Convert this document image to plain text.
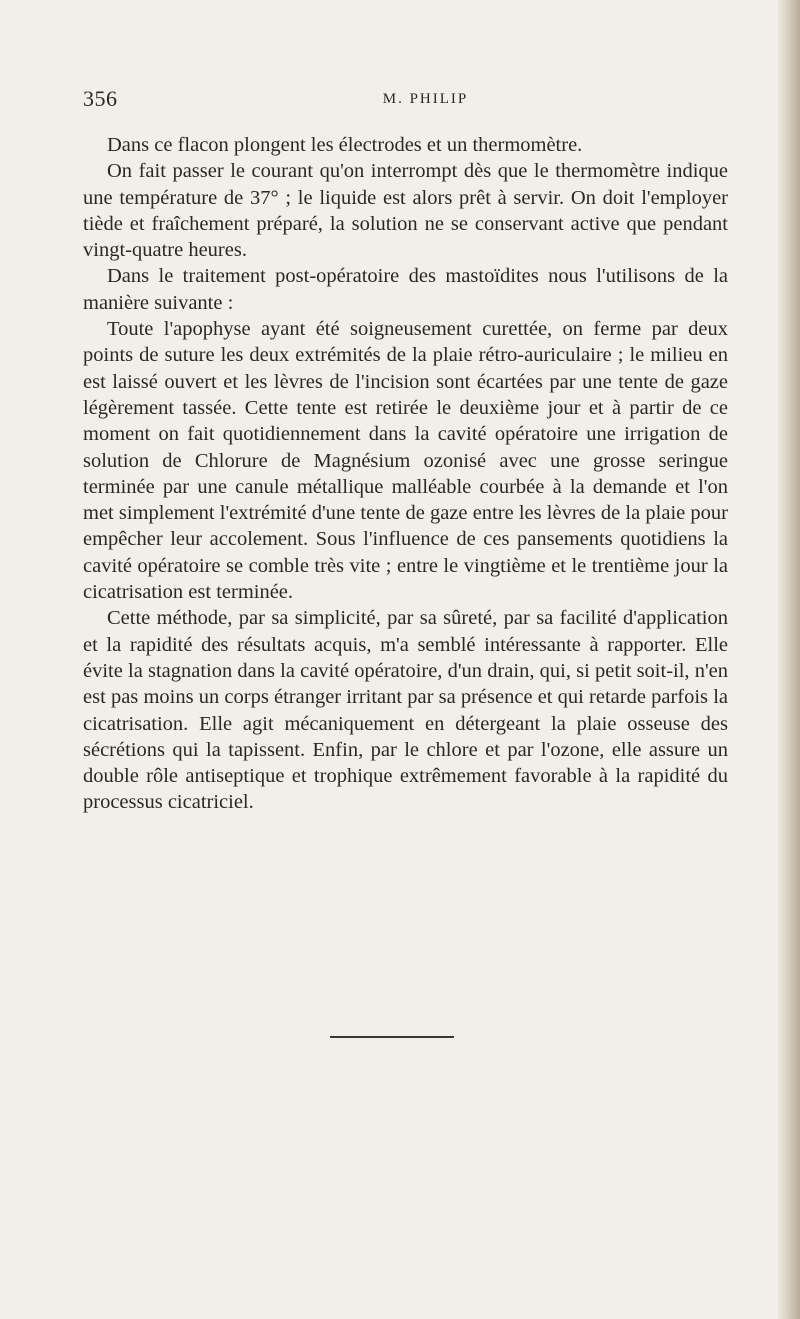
356	M. PHILIP

Dans ce flacon plongent les électrodes et un thermomètre.

On fait passer le courant qu'on interrompt dès que le thermomètre indique une température de 37° ; le liquide est alors prêt à servir. On doit l'employer tiède et fraîchement préparé, la solution ne se conservant active que pendant vingt-quatre heures.

Dans le traitement post-opératoire des mastoïdites nous l'utilisons de la manière suivante :

Toute l'apophyse ayant été soigneusement curettée, on ferme par deux points de suture les deux extrémités de la plaie rétro-auriculaire ; le milieu en est laissé ouvert et les lèvres de l'incision sont écartées par une tente de gaze légèrement tassée. Cette tente est retirée le deuxième jour et à partir de ce moment on fait quotidiennement dans la cavité opératoire une irrigation de solution de Chlorure de Magnésium ozonisé avec une grosse seringue terminée par une canule métallique malléable courbée à la demande et l'on met simplement l'extrémité d'une tente de gaze entre les lèvres de la plaie pour empêcher leur accolement. Sous l'influence de ces pansements quotidiens la cavité opératoire se comble très vite ; entre le vingtième et le trentième jour la cicatrisation est terminée.

Cette méthode, par sa simplicité, par sa sûreté, par sa facilité d'application et la rapidité des résultats acquis, m'a semblé intéressante à rapporter. Elle évite la stagnation dans la cavité opératoire, d'un drain, qui, si petit soit-il, n'en est pas moins un corps étranger irritant par sa présence et qui retarde parfois la cicatrisation. Elle agit mécaniquement en détergeant la plaie osseuse des sécrétions qui la tapissent. Enfin, par le chlore et par l'ozone, elle assure un double rôle antiseptique et trophique extrêmement favorable à la rapidité du processus cicatriciel.
